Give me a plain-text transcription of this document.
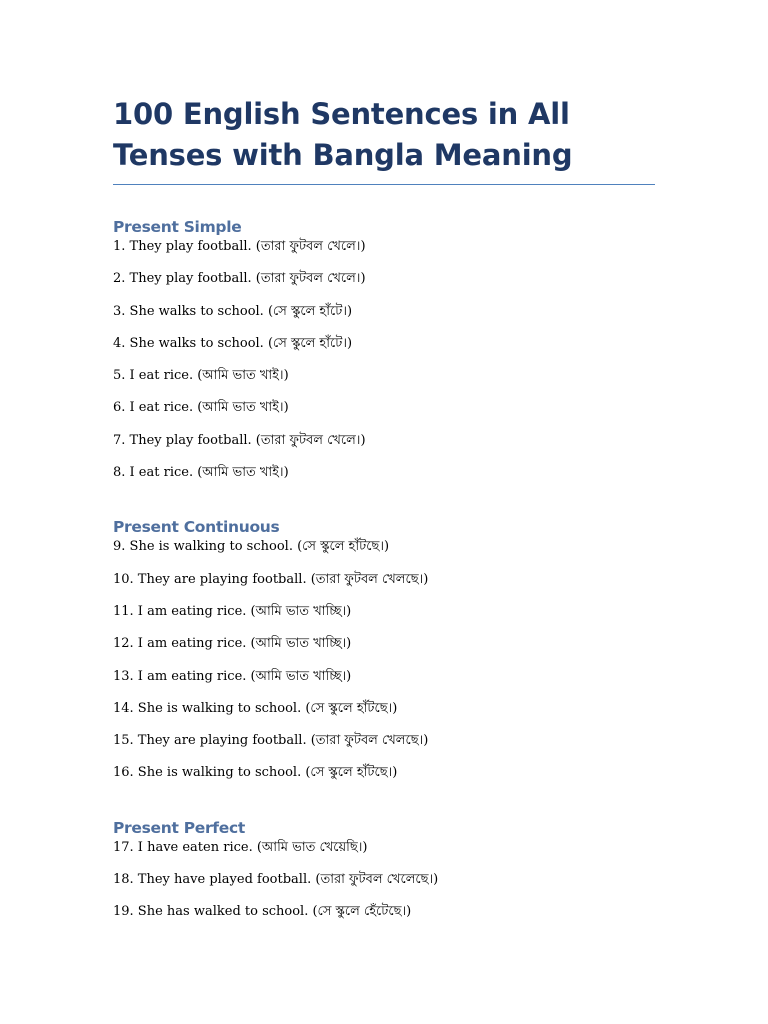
100 English Sentences in All Tenses with Bangla Meaning
Present Simple

1. They play football. (তারা ফুটবল খেলে।)

2. They play football. (তারা ফুটবল খেলে।)

3. She walks to school. (সে স্কুলে হাঁটে।)

4. She walks to school. (সে স্কুলে হাঁটে।)

5. I eat rice. (আমি ভাত খাই।)

6. I eat rice. (আমি ভাত খাই।)

7. They play football. (তারা ফুটবল খেলে।)

8. I eat rice. (আমি ভাত খাই।)

Present Continuous

9. She is walking to school. (সে স্কুলে হাঁটছে।)

10. They are playing football. (তারা ফুটবল খেলছে।)

11. I am eating rice. (আমি ভাত খাচ্ছি।)

12. I am eating rice. (আমি ভাত খাচ্ছি।)

13. I am eating rice. (আমি ভাত খাচ্ছি।)

14. She is walking to school. (সে স্কুলে হাঁটছে।)

15. They are playing football. (তারা ফুটবল খেলছে।)

16. She is walking to school. (সে স্কুলে হাঁটছে।)

Present Perfect

17. I have eaten rice. (আমি ভাত খেয়েছি।)

18. They have played football. (তারা ফুটবল খেলেছে।)

19. She has walked to school. (সে স্কুলে হেঁটেছে।)
